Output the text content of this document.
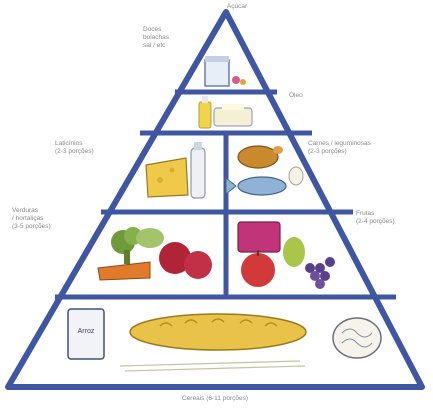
Açúcar
Doces
bolachas
sal / etc
Óleo
Laticínios
(2-3 porções)
Carnes / leguminosas
(2-3 porções)
Verduras
/ hortaliças
(3-5 porções)
Frutas
(2-4 porções)
Arroz
Cereais (6-11 porções)
